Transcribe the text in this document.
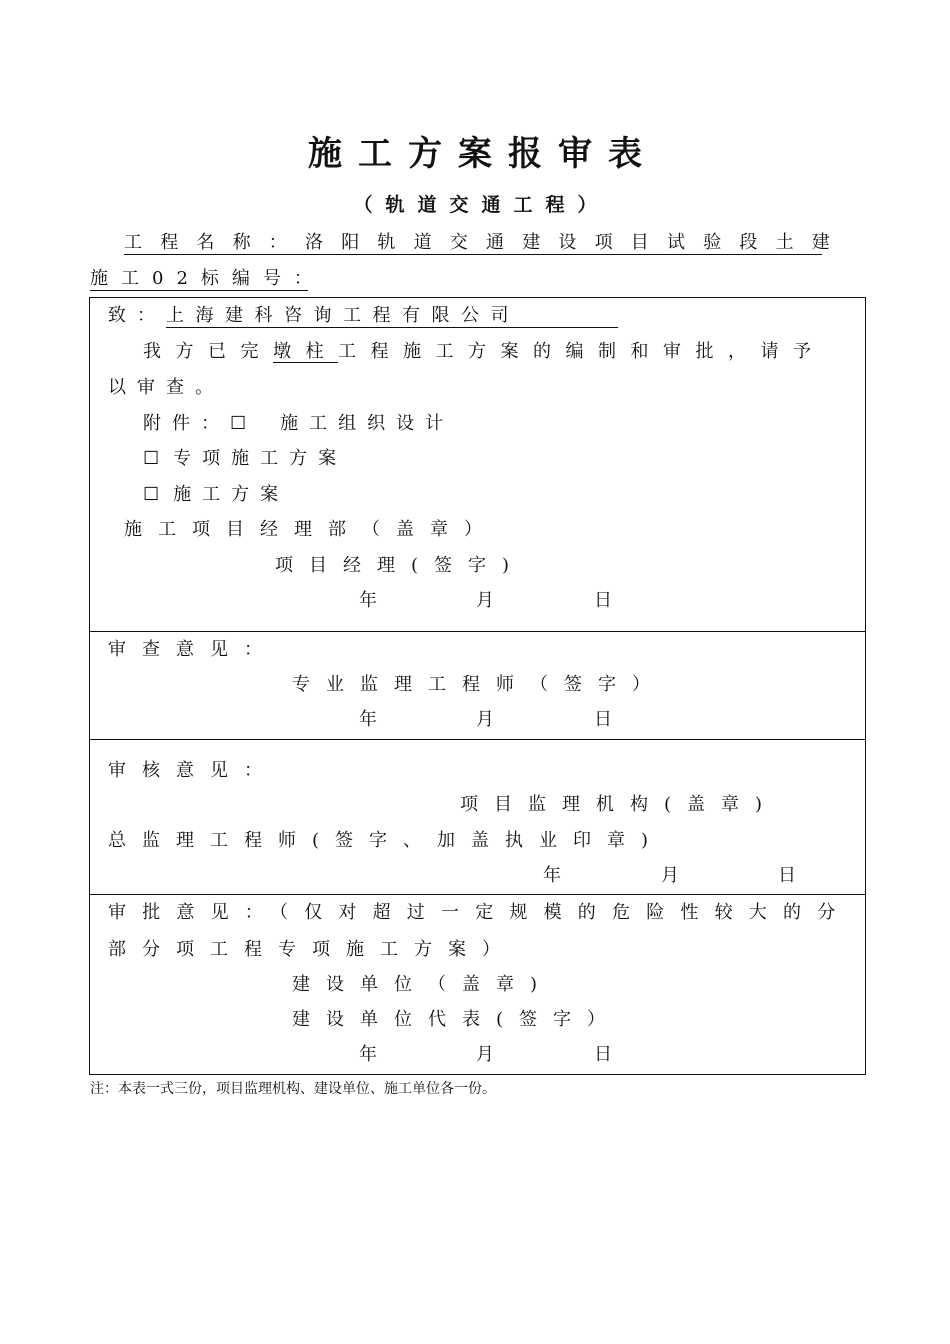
施工方案报审表
（轨道交通工程）
工程名称：洛阳轨道交通建设项目试验段土建
施工02标编号：
致：上海建科咨询工程有限公司
我方已完墩柱工程施工方案的编制和审批，请予
以审查。
附件：☐ 施工组织设计
☐ 专项施工方案
☐ 施工方案
施工项目经理部（盖章）
项目经理(签字)
年	月	日
审查意见：
专业监理工程师（签字）
年	月	日
审核意见：
项目监理机构(盖章)
总监理工程师(签字、加盖执业印章)
年	月	日
审批意见：（仅对超过一定规模的危险性较大的分
部分项工程专项施工方案）
建设单位（盖章)
建设单位代表(签字）
年	月	日
注：本表一式三份，项目监理机构、建设单位、施工单位各一份。
